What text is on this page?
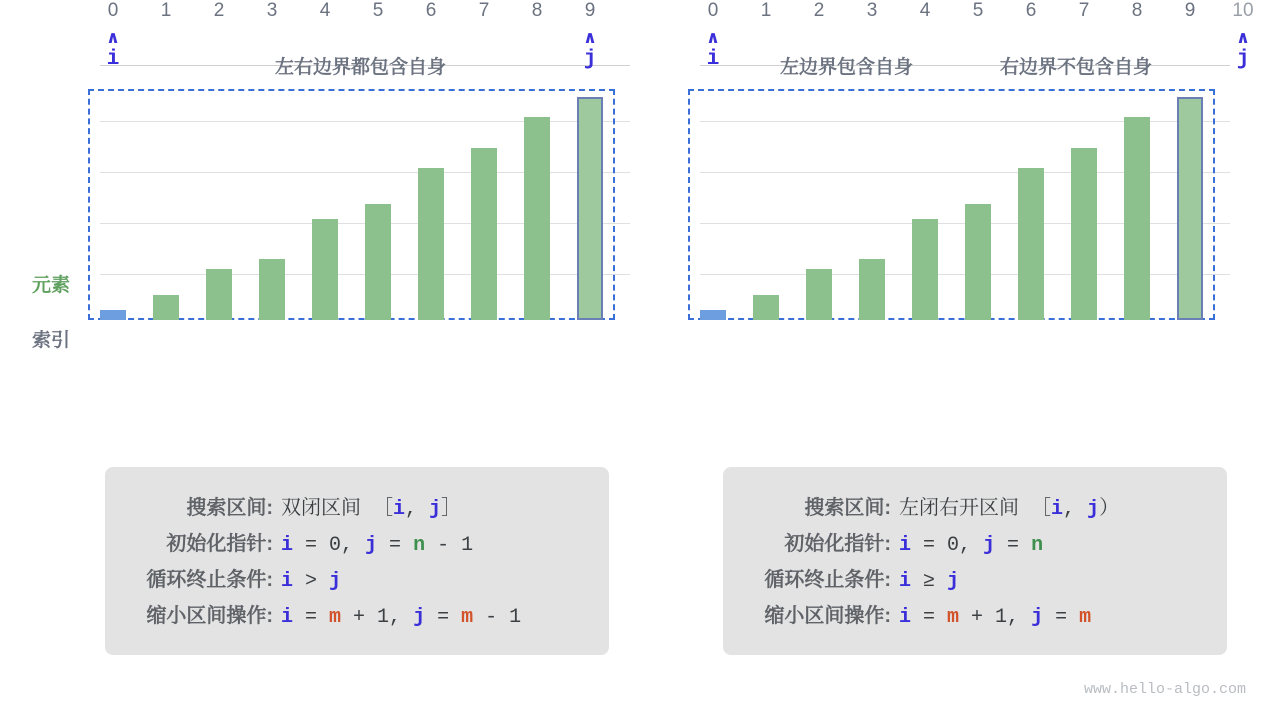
0	1	2	3	4	5	6	7	8	9
∧
i
∧
j
左右边界都包含自身
0	1	2	3	4	5	6	7	8	9	10
∧
i
∧
j
左边界包含自身	右边界不包含自身
元素
索引
搜索区间: 双闭区间 ［i, j］
初始化指针: i = 0, j = n - 1
循环终止条件: i > j
缩小区间操作: i = m + 1, j = m - 1
搜索区间: 左闭右开区间 ［i, j）
初始化指针: i = 0, j = n
循环终止条件: i ≥ j
缩小区间操作: i = m + 1, j = m
www.hello-algo.com
